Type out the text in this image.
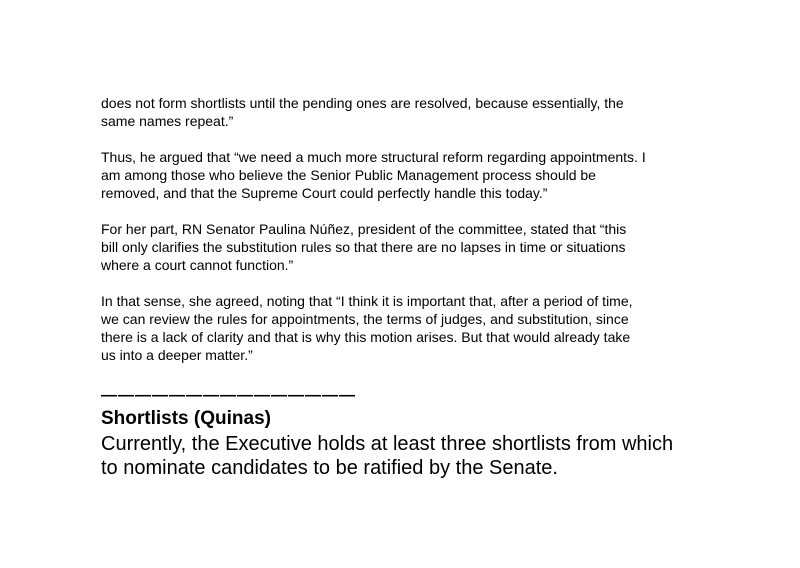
does not form shortlists until the pending ones are resolved, because essentially, the
same names repeat.”

Thus, he argued that “we need a much more structural reform regarding appointments. I
am among those who believe the Senior Public Management process should be
removed, and that the Supreme Court could perfectly handle this today.”

For her part, RN Senator Paulina Núñez, president of the committee, stated that “this
bill only clarifies the substitution rules so that there are no lapses in time or situations
where a court cannot function.”

In that sense, she agreed, noting that “I think it is important that, after a period of time,
we can review the rules for appointments, the terms of judges, and substitution, since
there is a lack of clarity and that is why this motion arises. But that would already take
us into a deeper matter.”

———————————————
Shortlists (Quinas)

Currently, the Executive holds at least three shortlists from which
to nominate candidates to be ratified by the Senate.
